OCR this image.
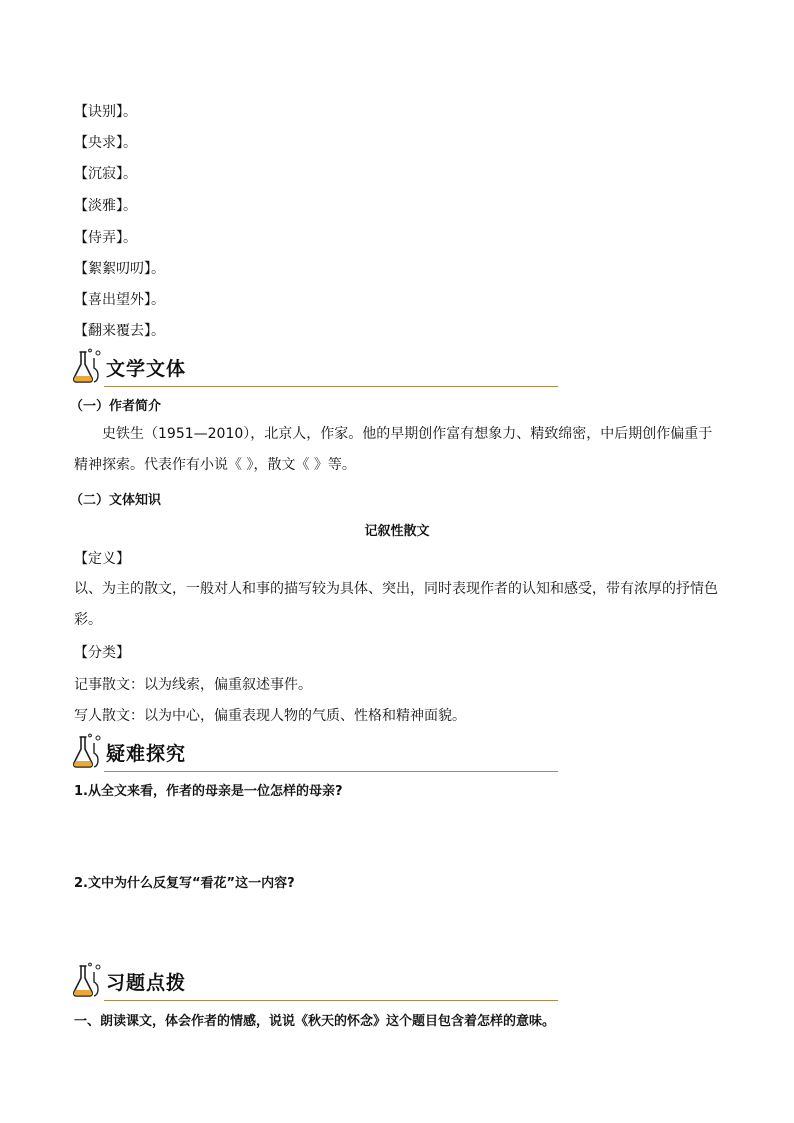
【诀别】。

【央求】。

【沉寂】。

【淡雅】。

【侍弄】。

【絮絮叨叨】。

【喜出望外】。

【翻来覆去】。

文学文体

（一）作者简介

史铁生（1951—2010），北京人，作家。他的早期创作富有想象力、精致绵密，中后期创作偏重于精神探索。代表作有小说《 》，散文《 》等。

（二）文体知识

记叙性散文

【定义】

以、为主的散文，一般对人和事的描写较为具体、突出，同时表现作者的认知和感受，带有浓厚的抒情色彩。

【分类】

记事散文：以为线索，偏重叙述事件。

写人散文：以为中心，偏重表现人物的气质、性格和精神面貌。

疑难探究

1.从全文来看，作者的母亲是一位怎样的母亲?

2.文中为什么反复写“看花”这一内容?

习题点拨

一、朗读课文，体会作者的情感，说说《秋天的怀念》这个题目包含着怎样的意味。
